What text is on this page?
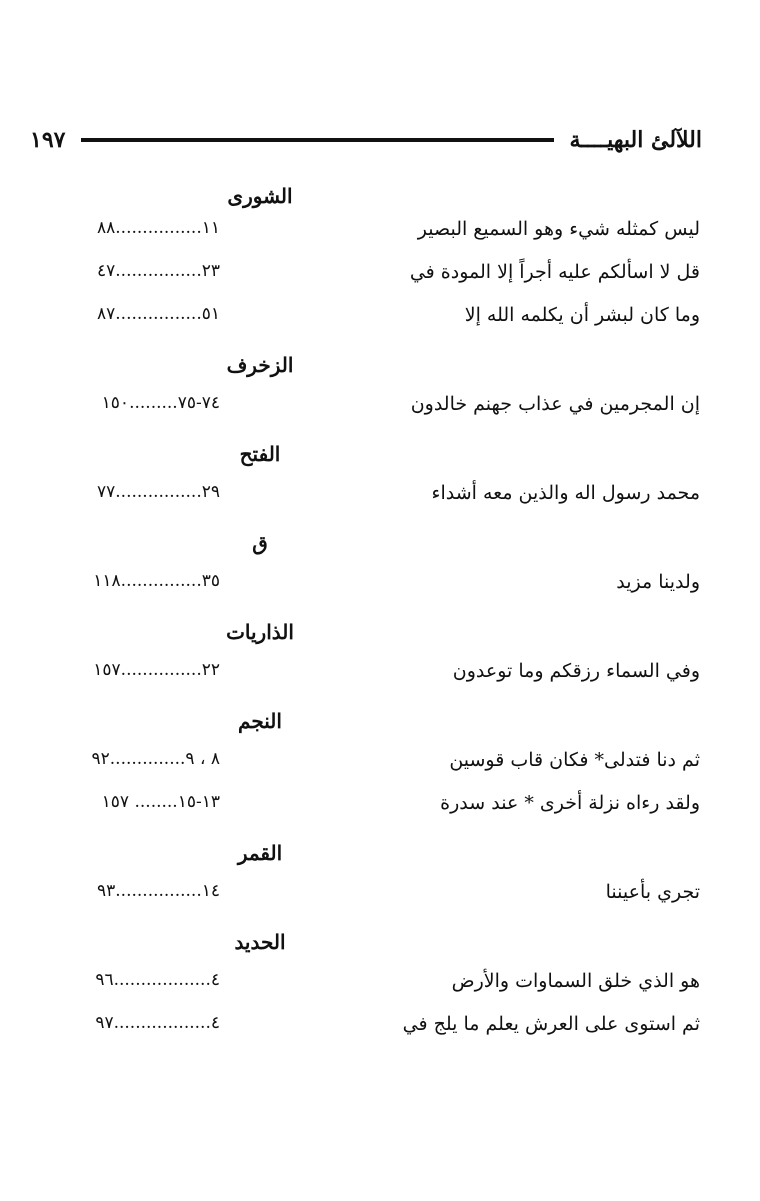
اللآلئ البهيــــة
١٩٧
الشورى
ليس كمثله شيء وهو السميع البصير
١١................٨٨
قل لا اسألكم عليه أجراً إلا المودة في
٢٣................٤٧
وما كان لبشر أن يكلمه الله إلا
٥١................٨٧
الزخرف
إن المجرمين في عذاب جهنم خالدون
٧٤-٧٥.........١٥٠
الفتح
محمد رسول اله والذين معه أشداء
٢٩................٧٧
ق
ولدينا مزيد
٣٥...............١١٨
الذاريات
وفي السماء رزقكم وما توعدون
٢٢...............١٥٧
النجم
ثم دنا فتدلى* فكان قاب قوسين
٨ ، ٩..............٩٢
ولقد رءاه نزلة أخرى * عند سدرة
١٣-١٥........ ١٥٧
القمر
تجري بأعيننا
١٤................٩٣
الحديد
هو الذي خلق السماوات والأرض
٤..................٩٦
ثم استوى على العرش يعلم ما يلج في
٤..................٩٧
